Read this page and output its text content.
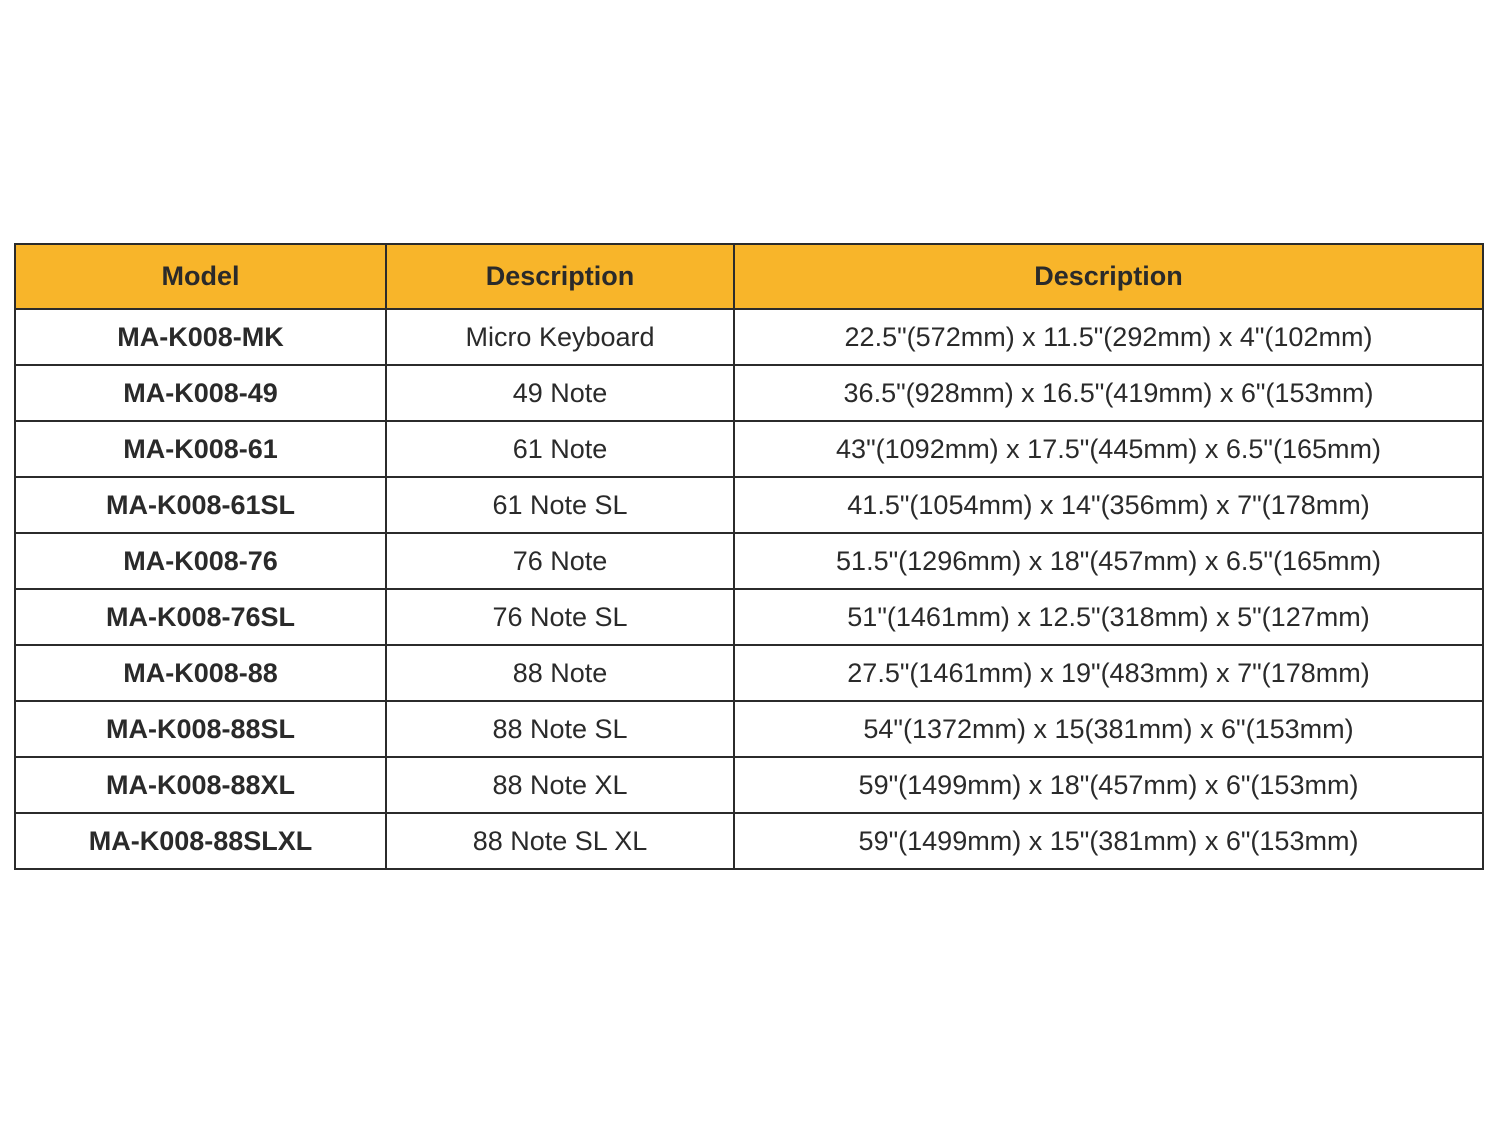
Model	Description	Description
MA-K008-MK	Micro Keyboard	22.5"(572mm) x 11.5"(292mm) x 4"(102mm)
MA-K008-49	49 Note	36.5"(928mm) x 16.5"(419mm) x 6"(153mm)
MA-K008-61	61 Note	43"(1092mm) x 17.5"(445mm) x 6.5"(165mm)
MA-K008-61SL	61 Note SL	41.5"(1054mm) x 14"(356mm) x 7"(178mm)
MA-K008-76	76 Note	51.5"(1296mm) x 18"(457mm) x 6.5"(165mm)
MA-K008-76SL	76 Note SL	51"(1461mm) x 12.5"(318mm) x 5"(127mm)
MA-K008-88	88 Note	27.5"(1461mm) x 19"(483mm) x 7"(178mm)
MA-K008-88SL	88 Note SL	54"(1372mm) x 15(381mm) x 6"(153mm)
MA-K008-88XL	88 Note XL	59"(1499mm) x 18"(457mm) x 6"(153mm)
MA-K008-88SLXL	88 Note SL XL	59"(1499mm) x 15"(381mm) x 6"(153mm)
